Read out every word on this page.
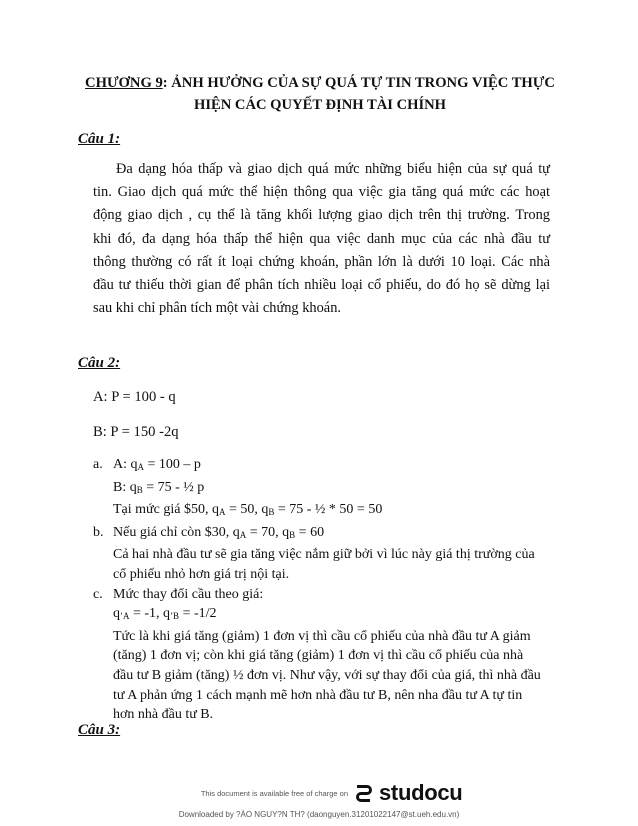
CHƯƠNG 9: ẢNH HƯỞNG CỦA SỰ QUÁ TỰ TIN TRONG VIỆC THỰC
HIỆN CÁC QUYẾT ĐỊNH TÀI CHÍNH
Câu 1:
Đa dạng hóa thấp và giao dịch quá mức những biểu hiện của sự quá tự
tin. Giao dịch quá mức thể hiện thông qua việc gia tăng quá mức các hoạt
động giao dịch , cụ thể là tăng khối lượng giao dịch trên thị trường. Trong
khi đó, đa dạng hóa thấp thể hiện qua việc danh mục của các nhà đầu tư
thông thường có rất ít loại chứng khoán, phần lớn là dưới 10 loại. Các nhà
đầu tư thiếu thời gian để phân tích nhiều loại cổ phiếu, do đó họ sẽ dừng lại
sau khi chỉ phân tích một vài chứng khoán.
Câu 2:
A: P = 100 - q
B: P = 150 -2q
a. A: $q_A = 100 - p$
B: $q_B = 75$ - ½ p
Tại mức giá $50, $q_A = 50$, $q_B = 75$ - ½ * 50 = 50
b. Nếu giá chỉ còn $30, $q_A = 70$, $q_B = 60$
Cả hai nhà đầu tư sẽ gia tăng việc nắm giữ bởi vì lúc này giá thị trường của
cổ phiếu nhỏ hơn giá trị nội tại.
c. Mức thay đổi cầu theo giá:
$q_{’A} = -1$, $q_{’B} = -1/2$
Tức là khi giá tăng (giảm) 1 đơn vị thì cầu cổ phiếu của nhà đầu tư A giảm
(tăng) 1 đơn vị; còn khi giá tăng (giảm) 1 đơn vị thì cầu cổ phiếu của nhà
đầu tư B giảm (tăng) ½ đơn vị. Như vậy, với sự thay đổi của giá, thì nhà đầu
tư A phản ứng 1 cách mạnh mẽ hơn nhà đầu tư B, nên nha đầu tư A tự tin
hơn nhà đầu tư B.
Câu 3:
This document is available free of charge on studocu
Downloaded by ?ÀO NGUY?N TH? (daonguyen.31201022147@st.ueh.edu.vn)
